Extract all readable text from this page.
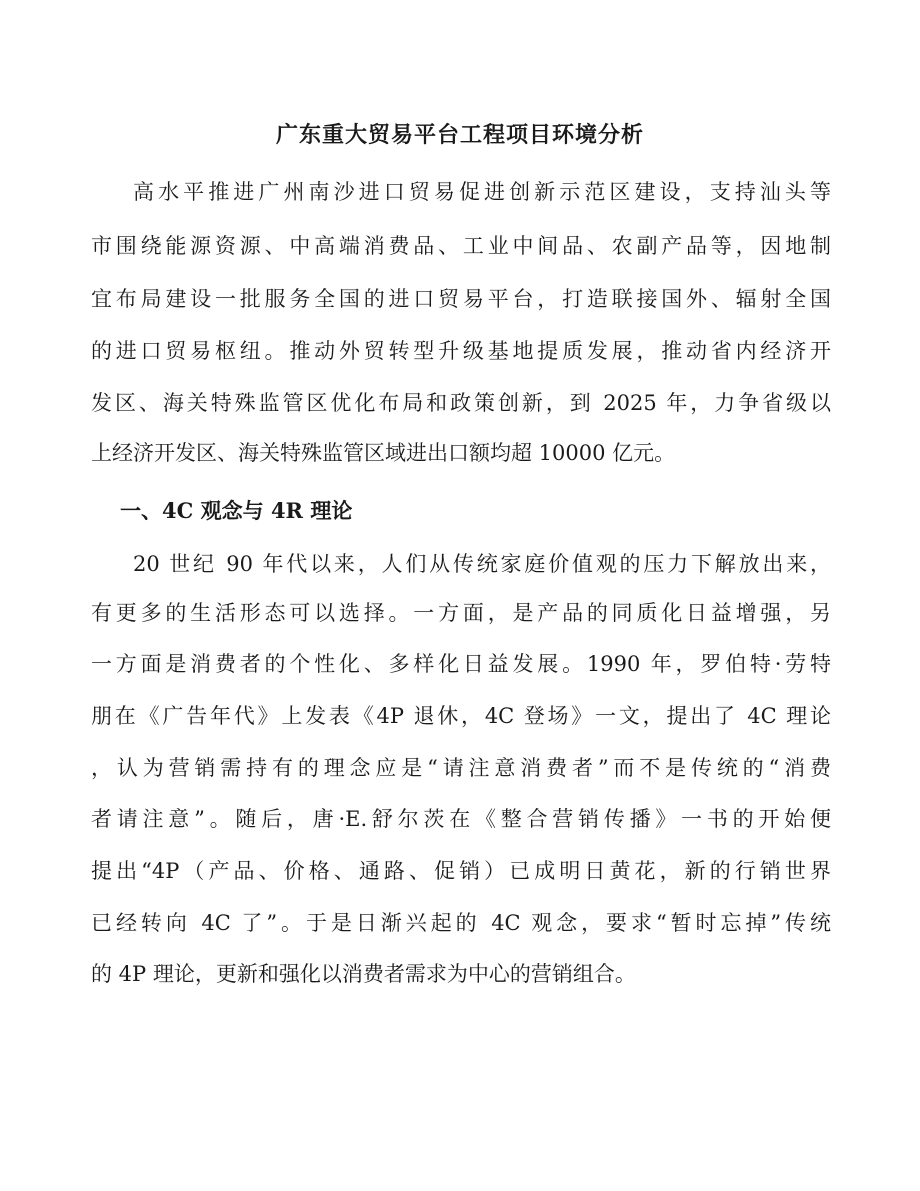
广东重大贸易平台工程项目环境分析

高水平推进广州南沙进口贸易促进创新示范区建设，支持汕头等

市围绕能源资源、中高端消费品、工业中间品、农副产品等，因地制

宜布局建设一批服务全国的进口贸易平台，打造联接国外、辐射全国

的进口贸易枢纽。推动外贸转型升级基地提质发展，推动省内经济开

发区、海关特殊监管区优化布局和政策创新，到 2025 年，力争省级以

上经济开发区、海关特殊监管区域进出口额均超 10000 亿元。

一、4C 观念与 4R 理论

20 世纪 90 年代以来，人们从传统家庭价值观的压力下解放出来，

有更多的生活形态可以选择。一方面，是产品的同质化日益增强，另

一方面是消费者的个性化、多样化日益发展。1990 年，罗伯特·劳特

朋在《广告年代》上发表《4P 退休，4C 登场》一文，提出了 4C 理论

，认为营销需持有的理念应是“请注意消费者”而不是传统的“消费

者请注意”。随后，唐·E.舒尔茨在《整合营销传播》一书的开始便

提出“4P（产品、价格、通路、促销）已成明日黄花，新的行销世界

已经转向 4C 了”。于是日渐兴起的 4C 观念，要求“暂时忘掉”传统

的 4P 理论，更新和强化以消费者需求为中心的营销组合。
